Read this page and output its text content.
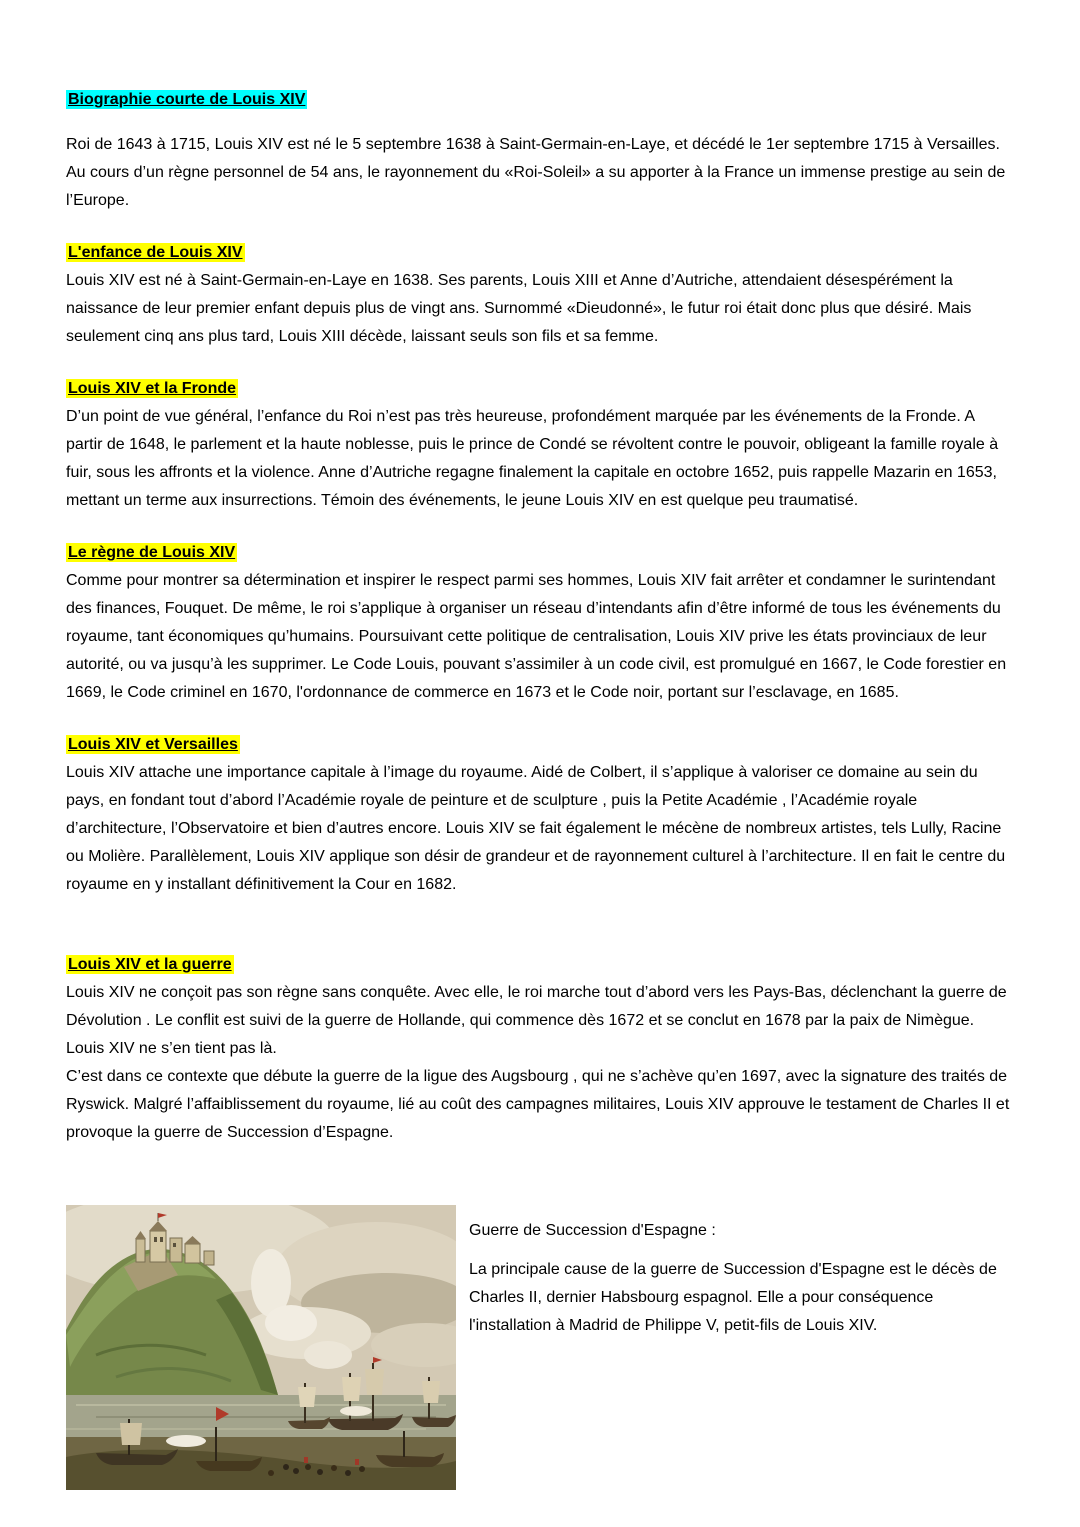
Biographie courte de Louis XIV

Roi de 1643 à 1715, Louis XIV est né le 5 septembre 1638 à Saint-Germain-en-Laye, et décédé le 1er septembre 1715 à Versailles. Au cours d’un règne personnel de 54 ans, le rayonnement du «Roi-Soleil» a su apporter à la France un immense prestige au sein de l’Europe.

L'enfance de Louis XIV

Louis XIV est né à Saint-Germain-en-Laye en 1638. Ses parents, Louis XIII et Anne d’Autriche, attendaient désespérément la naissance de leur premier enfant depuis plus de vingt ans. Surnommé «Dieudonné», le futur roi était donc plus que désiré. Mais seulement cinq ans plus tard, Louis XIII décède, laissant seuls son fils et sa femme.

Louis XIV et la Fronde

D’un point de vue général, l’enfance du Roi n’est pas très heureuse, profondément marquée par les événements de la Fronde. A partir de 1648, le parlement et la haute noblesse, puis le prince de Condé se révoltent contre le pouvoir, obligeant la famille royale à fuir, sous les affronts et la violence. Anne d’Autriche regagne finalement la capitale en octobre 1652, puis rappelle Mazarin en 1653, mettant un terme aux insurrections. Témoin des événements, le jeune Louis XIV en est quelque peu traumatisé.

Le règne de Louis XIV

Comme pour montrer sa détermination et inspirer le respect parmi ses hommes, Louis XIV fait arrêter et condamner le surintendant des finances, Fouquet. De même, le roi s’applique à organiser un réseau d’intendants afin d’être informé de tous les événements du royaume, tant économiques qu’humains. Poursuivant cette politique de centralisation, Louis XIV prive les états provinciaux de leur autorité, ou va jusqu’à les supprimer. Le Code Louis, pouvant s’assimiler à un code civil, est promulgué en 1667, le Code forestier en 1669, le Code criminel en 1670, l'ordonnance de commerce en 1673 et le Code noir, portant sur l’esclavage, en 1685.

Louis XIV et Versailles

Louis XIV attache une importance capitale à l’image du royaume. Aidé de Colbert, il s’applique à valoriser ce domaine au sein du pays, en fondant tout d’abord l’Académie royale de peinture et de sculpture , puis la Petite Académie , l’Académie royale d’architecture, l’Observatoire et bien d’autres encore. Louis XIV se fait également le mécène de nombreux artistes, tels Lully, Racine ou Molière. Parallèlement, Louis XIV applique son désir de grandeur et de rayonnement culturel à l’architecture. Il en fait le centre du royaume en y installant définitivement la Cour en 1682.

Louis XIV et la guerre

Louis XIV ne conçoit pas son règne sans conquête. Avec elle, le roi marche tout d’abord vers les Pays-Bas, déclenchant la guerre de Dévolution . Le conflit est suivi de la guerre de Hollande, qui commence dès 1672 et se conclut en 1678 par la paix de Nimègue. Louis XIV ne s’en tient pas là.

C’est dans ce contexte que débute la guerre de la ligue des Augsbourg , qui ne s’achève qu’en 1697, avec la signature des traités de Ryswick. Malgré l’affaiblissement du royaume, lié au coût des campagnes militaires, Louis XIV approuve le testament de Charles II et provoque la guerre de Succession d’Espagne.

Guerre de Succession d'Espagne :

La principale cause de la guerre de Succession d'Espagne est le décès de Charles II, dernier Habsbourg espagnol. Elle a pour conséquence l'installation à Madrid de Philippe V, petit-fils de Louis XIV.
